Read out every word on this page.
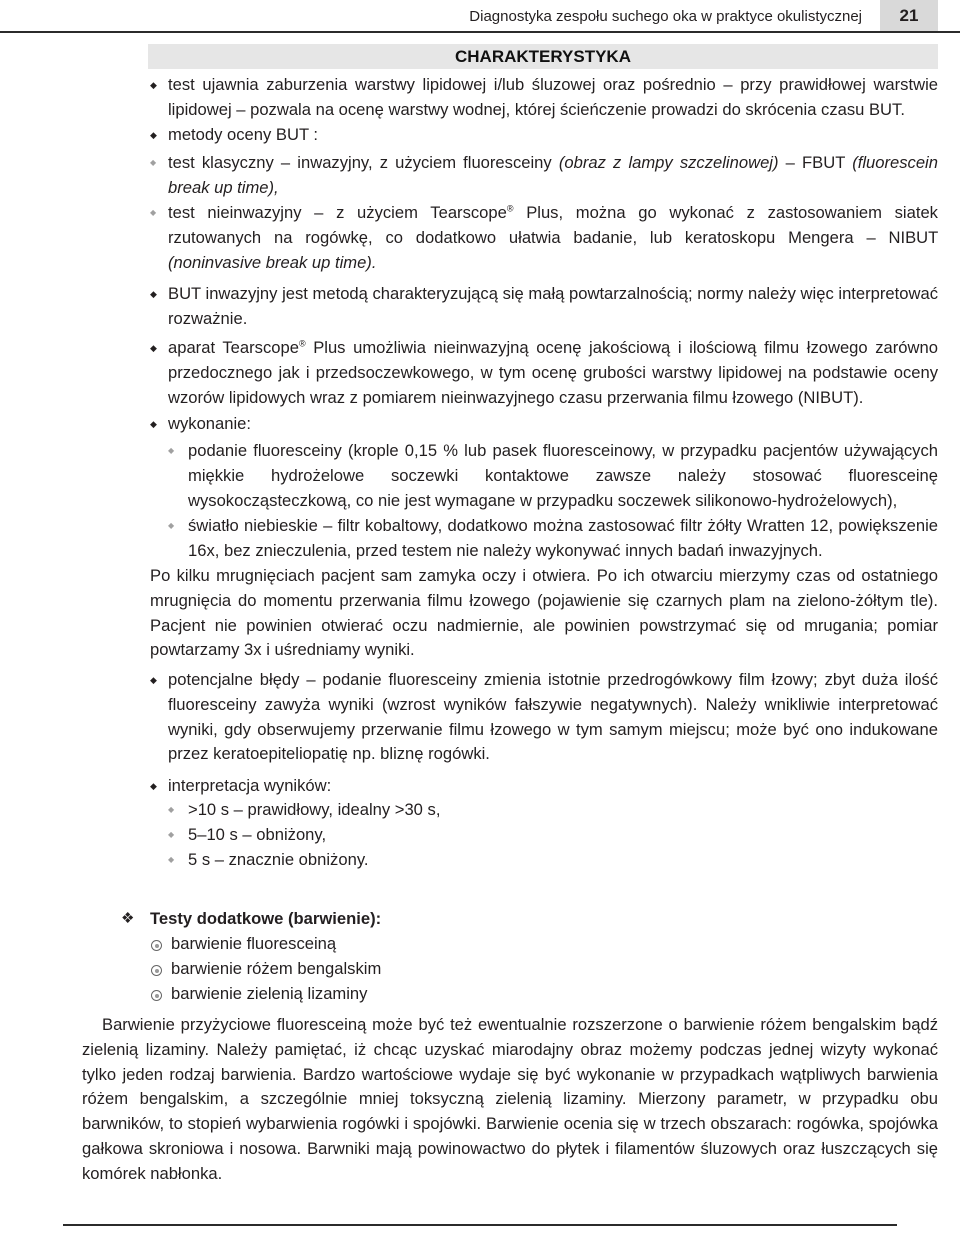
Diagnostyka zespołu suchego oka w praktyce okulistycznej	21
CHARAKTERYSTYKA
◆ test ujawnia zaburzenia warstwy lipidowej i/lub śluzowej oraz pośrednio – przy prawidłowej warstwie lipidowej – pozwala na ocenę warstwy wodnej, której ścieńczenie prowadzi do skrócenia czasu BUT.
◆ metody oceny BUT :
◆ test klasyczny – inwazyjny, z użyciem fluoresceiny (obraz z lampy szczelinowej) – FBUT (fluorescein break up time),
◆ test nieinwazyjny – z użyciem Tearscope® Plus, można go wykonać z zastosowaniem siatek rzutowanych na rogówkę, co dodatkowo ułatwia badanie, lub keratoskopu Mengera – NIBUT (noninvasive break up time).
◆ BUT inwazyjny jest metodą charakteryzującą się małą powtarzalnością; normy należy więc interpretować rozważnie.
◆ aparat Tearscope® Plus umożliwia nieinwazyjną ocenę jakościową i ilościową filmu łzowego zarówno przedocznego jak i przedsoczewkowego, w tym ocenę grubości warstwy lipidowej na podstawie oceny wzorów lipidowych wraz z pomiarem nieinwazyjnego czasu przerwania filmu łzowego (NIBUT).
◆ wykonanie:
◆ podanie fluoresceiny (krople 0,15 % lub pasek fluoresceinowy, w przypadku pacjentów używających miękkie hydrożelowe soczewki kontaktowe zawsze należy stosować fluoresceinę wysokocząsteczkową, co nie jest wymagane w przypadku soczewek silikonowo-hydrożelowych),
◆ światło niebieskie – filtr kobaltowy, dodatkowo można zastosować filtr żółty Wratten 12, powiększenie 16x, bez znieczulenia, przed testem nie należy wykonywać innych badań inwazyjnych.
Po kilku mrugnięciach pacjent sam zamyka oczy i otwiera. Po ich otwarciu mierzymy czas od ostatniego mrugnięcia do momentu przerwania filmu łzowego (pojawienie się czarnych plam na zielono-żółtym tle). Pacjent nie powinien otwierać oczu nadmiernie, ale powinien powstrzymać się od mrugania; pomiar powtarzamy 3x i uśredniamy wyniki.
◆ potencjalne błędy – podanie fluoresceiny zmienia istotnie przedrogówkowy film łzowy; zbyt duża ilość fluoresceiny zawyża wyniki (wzrost wyników fałszywie negatywnych). Należy wnikliwie interpretować wyniki, gdy obserwujemy przerwanie filmu łzowego w tym samym miejscu; może być ono indukowane przez keratoepiteliopatię np. bliznę rogówki.
◆ interpretacja wyników:
◆ >10 s – prawidłowy, idealny >30 s,
◆ 5–10 s – obniżony,
◆ 5 s – znacznie obniżony.
❖ Testy dodatkowe (barwienie):
barwienie fluoresceiną
barwienie różem bengalskim
barwienie zielenią lizaminy
Barwienie przyżyciowe fluoresceiną może być też ewentualnie rozszerzone o barwienie różem bengalskim bądź zielenią lizaminy. Należy pamiętać, iż chcąc uzyskać miarodajny obraz możemy podczas jednej wizyty wykonać tylko jeden rodzaj barwienia. Bardzo wartościowe wydaje się być wykonanie w przypadkach wątpliwych barwienia różem bengalskim, a szczególnie mniej toksyczną zielenią lizaminy. Mierzony parametr, w przypadku obu barwników, to stopień wybarwienia rogówki i spojówki. Barwienie ocenia się w trzech obszarach: rogówka, spojówka gałkowa skroniowa i nosowa. Barwniki mają powinowactwo do płytek i filamentów śluzowych oraz łuszczących się komórek nabłonka.
